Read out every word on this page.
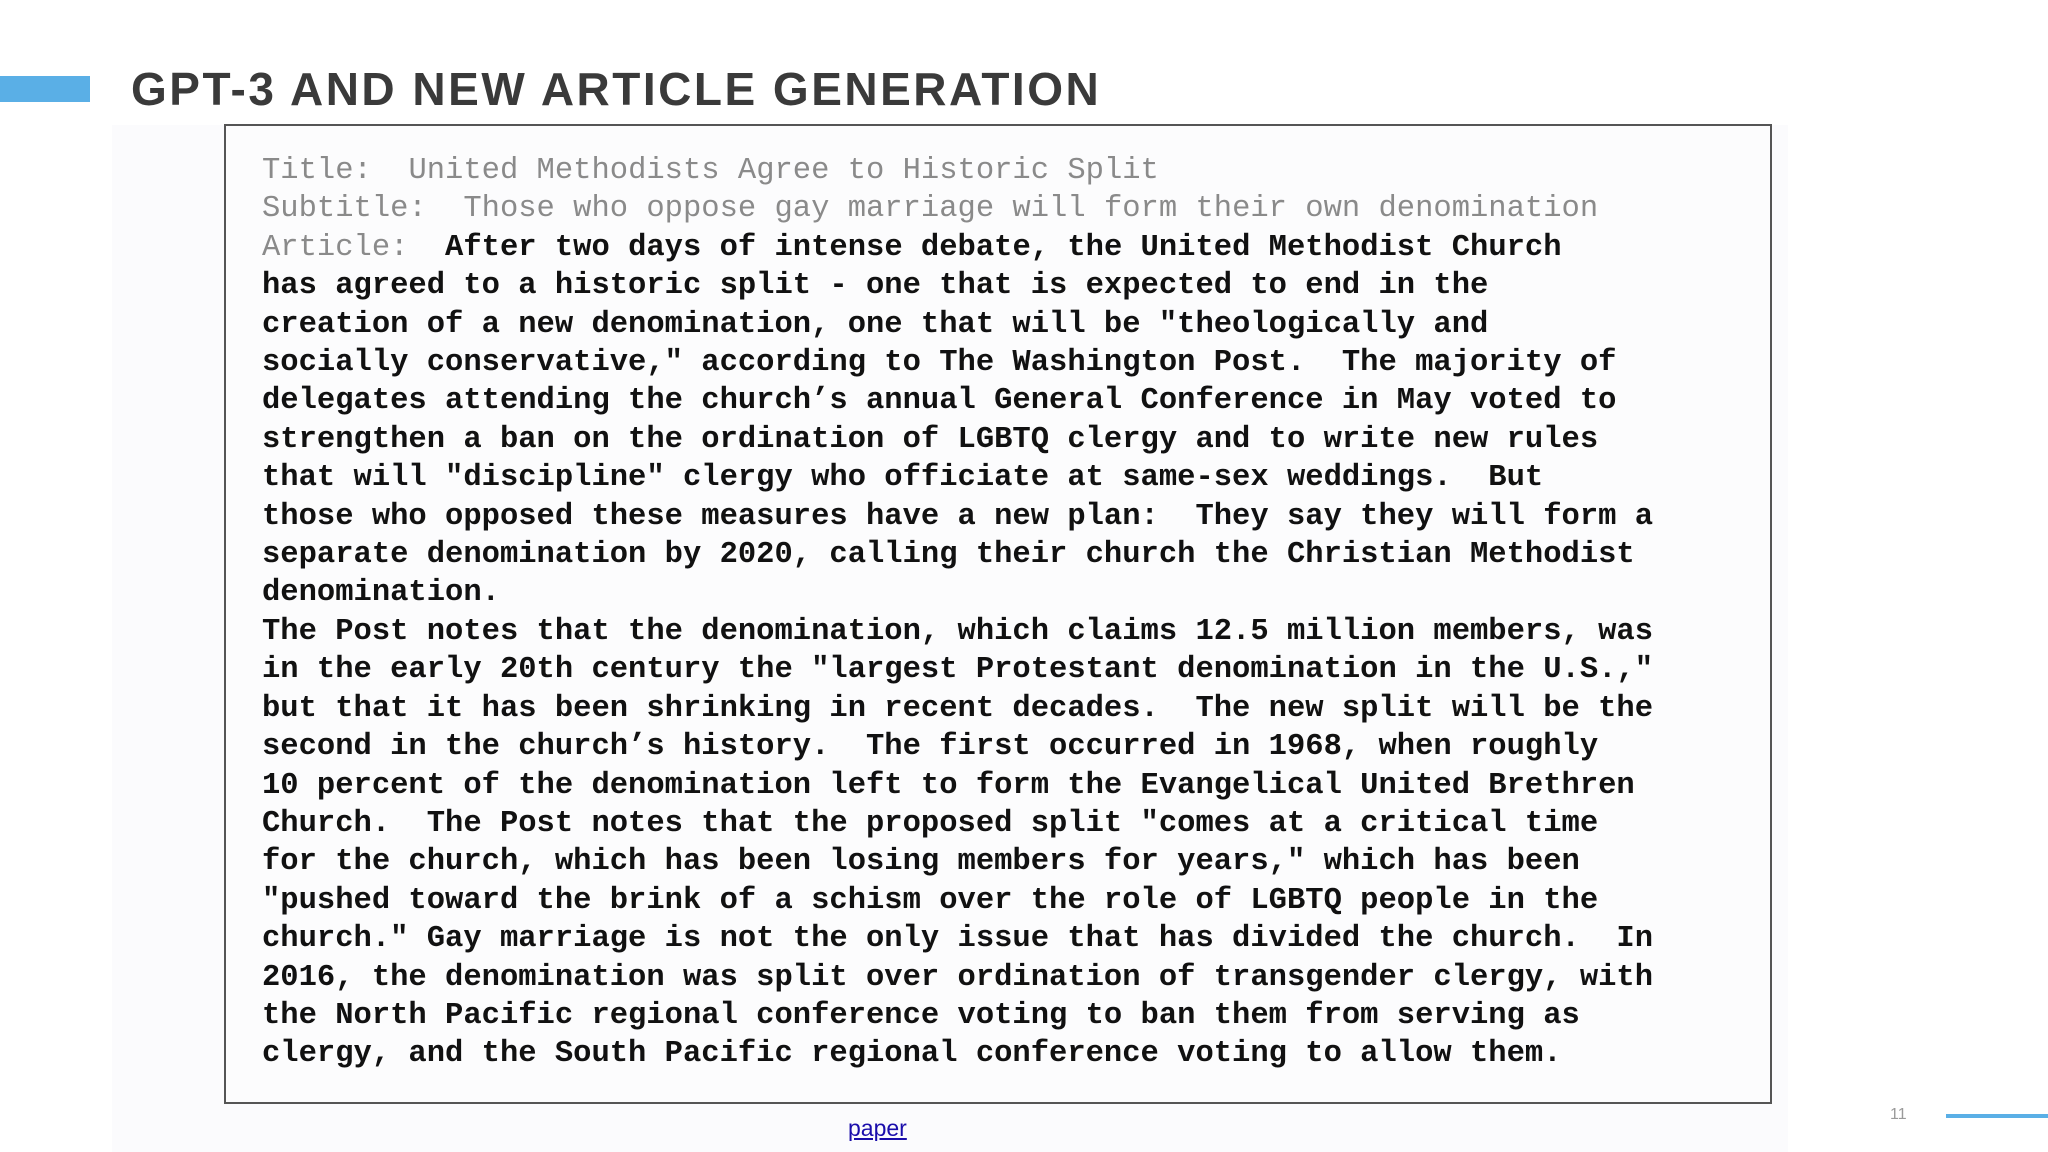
GPT-3 AND NEW ARTICLE GENERATION
Title: United Methodists Agree to Historic Split
Subtitle: Those who oppose gay marriage will form their own denomination
Article: After two days of intense debate, the United Methodist Church
has agreed to a historic split - one that is expected to end in the
creation of a new denomination, one that will be "theologically and
socially conservative," according to The Washington Post.  The majority of
delegates attending the church’s annual General Conference in May voted to
strengthen a ban on the ordination of LGBTQ clergy and to write new rules
that will "discipline" clergy who officiate at same-sex weddings.  But
those who opposed these measures have a new plan:  They say they will form a
separate denomination by 2020, calling their church the Christian Methodist
denomination.
The Post notes that the denomination, which claims 12.5 million members, was
in the early 20th century the "largest Protestant denomination in the U.S.,"
but that it has been shrinking in recent decades.  The new split will be the
second in the church’s history.  The first occurred in 1968, when roughly
10 percent of the denomination left to form the Evangelical United Brethren
Church.  The Post notes that the proposed split "comes at a critical time
for the church, which has been losing members for years," which has been
"pushed toward the brink of a schism over the role of LGBTQ people in the
church." Gay marriage is not the only issue that has divided the church.  In
2016, the denomination was split over ordination of transgender clergy, with
the North Pacific regional conference voting to ban them from serving as
clergy, and the South Pacific regional conference voting to allow them.
paper
11
